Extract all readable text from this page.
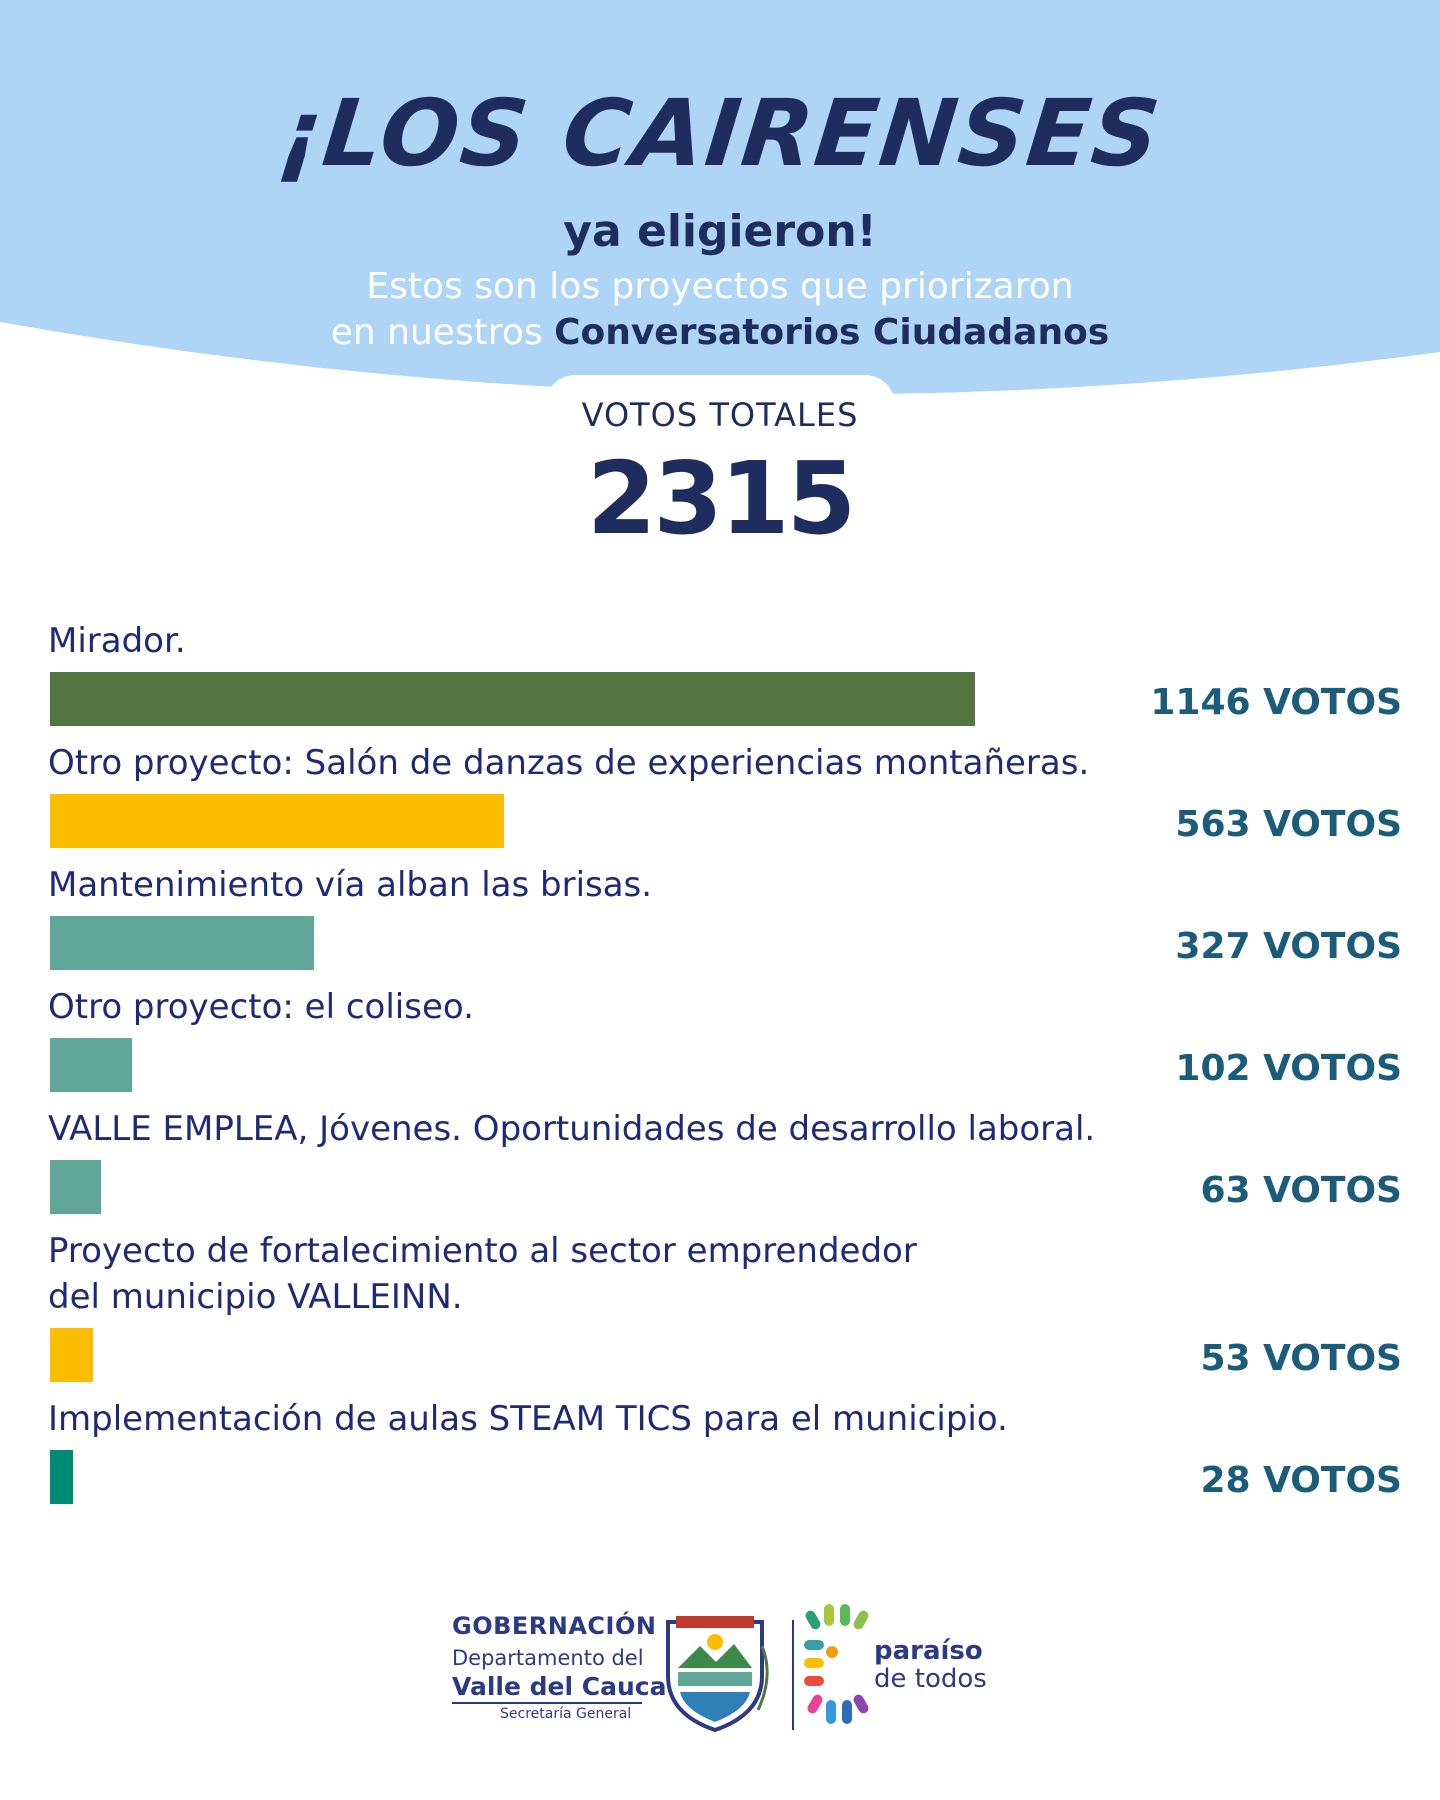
¡LOS CAIRENSES
ya eligieron!
Estos son los proyectos que priorizaron
en nuestros Conversatorios Ciudadanos
VOTOS TOTALES
2315
Mirador.
1146 VOTOS
Otro proyecto: Salón de danzas de experiencias montañeras.
563 VOTOS
Mantenimiento vía alban las brisas.
327 VOTOS
Otro proyecto: el coliseo.
102 VOTOS
VALLE EMPLEA, Jóvenes. Oportunidades de desarrollo laboral.
63 VOTOS
Proyecto de fortalecimiento al sector emprendedor
del municipio VALLEINN.
53 VOTOS
Implementación de aulas STEAM TICS para el municipio.
28 VOTOS
GOBERNACIÓN
Departamento del
Valle del Cauca
Secretaría General
paraíso
de todos
